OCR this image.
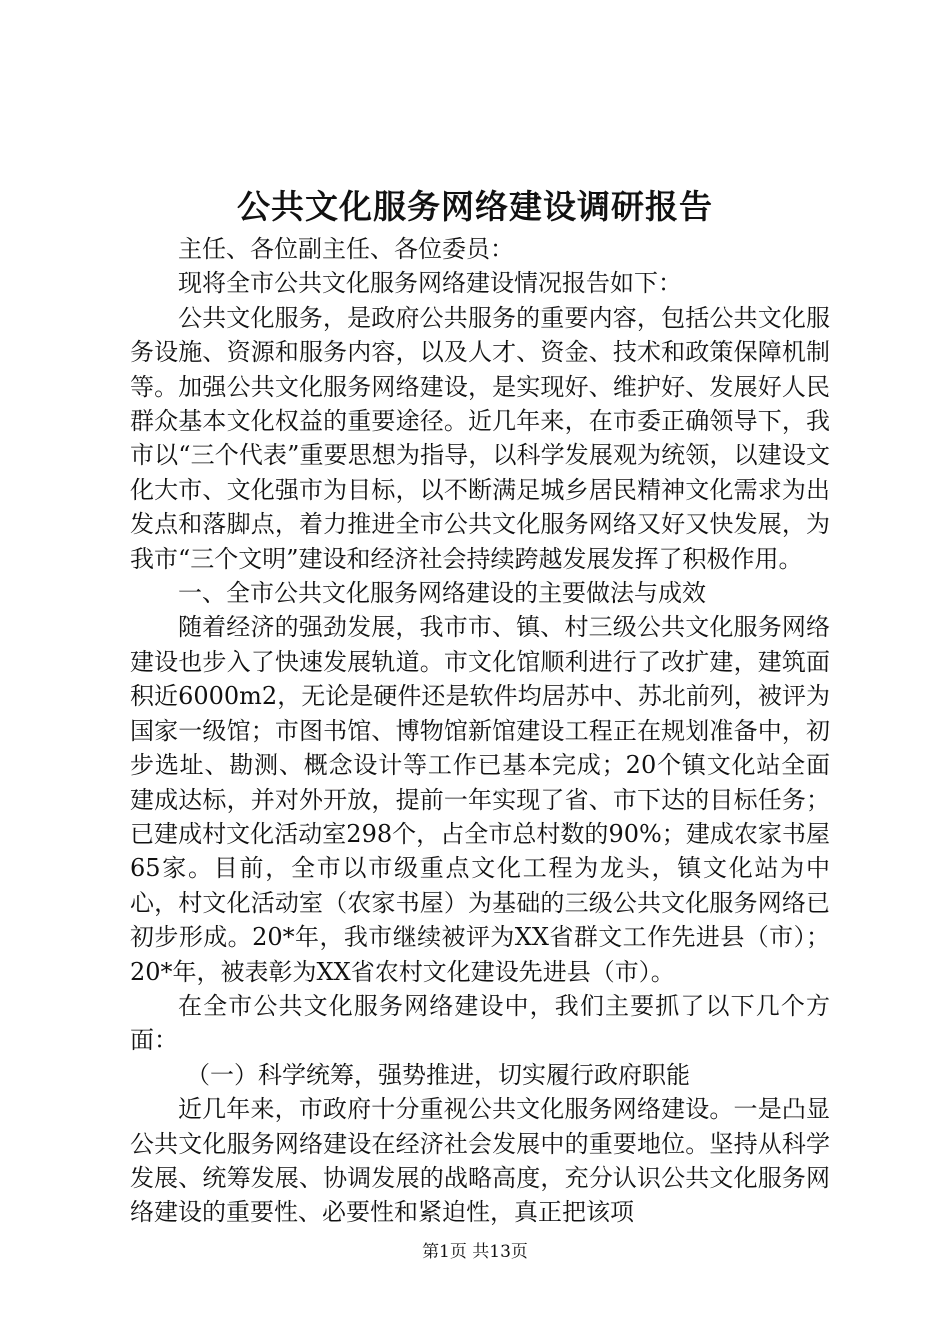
公共文化服务网络建设调研报告

主任、各位副主任、各位委员：

现将全市公共文化服务网络建设情况报告如下：

公共文化服务，是政府公共服务的重要内容，包括公共文化服务设施、资源和服务内容，以及人才、资金、技术和政策保障机制等。加强公共文化服务网络建设，是实现好、维护好、发展好人民群众基本文化权益的重要途径。近几年来，在市委正确领导下，我市以“三个代表”重要思想为指导，以科学发展观为统领，以建设文化大市、文化强市为目标，以不断满足城乡居民精神文化需求为出发点和落脚点，着力推进全市公共文化服务网络又好又快发展，为我市“三个文明”建设和经济社会持续跨越发展发挥了积极作用。

一、全市公共文化服务网络建设的主要做法与成效

随着经济的强劲发展，我市市、镇、村三级公共文化服务网络建设也步入了快速发展轨道。市文化馆顺利进行了改扩建，建筑面积近6000m2，无论是硬件还是软件均居苏中、苏北前列，被评为国家一级馆；市图书馆、博物馆新馆建设工程正在规划准备中，初步选址、勘测、概念设计等工作已基本完成；20个镇文化站全面建成达标，并对外开放，提前一年实现了省、市下达的目标任务；已建成村文化活动室298个，占全市总村数的90%；建成农家书屋65家。目前，全市以市级重点文化工程为龙头，镇文化站为中心，村文化活动室（农家书屋）为基础的三级公共文化服务网络已初步形成。20*年，我市继续被评为XX省群文工作先进县（市）；20*年，被表彰为XX省农村文化建设先进县（市）。

在全市公共文化服务网络建设中，我们主要抓了以下几个方面：

（一）科学统筹，强势推进，切实履行政府职能

近几年来，市政府十分重视公共文化服务网络建设。一是凸显公共文化服务网络建设在经济社会发展中的重要地位。坚持从科学发展、统筹发展、协调发展的战略高度，充分认识公共文化服务网络建设的重要性、必要性和紧迫性，真正把该项

第1页 共13页
